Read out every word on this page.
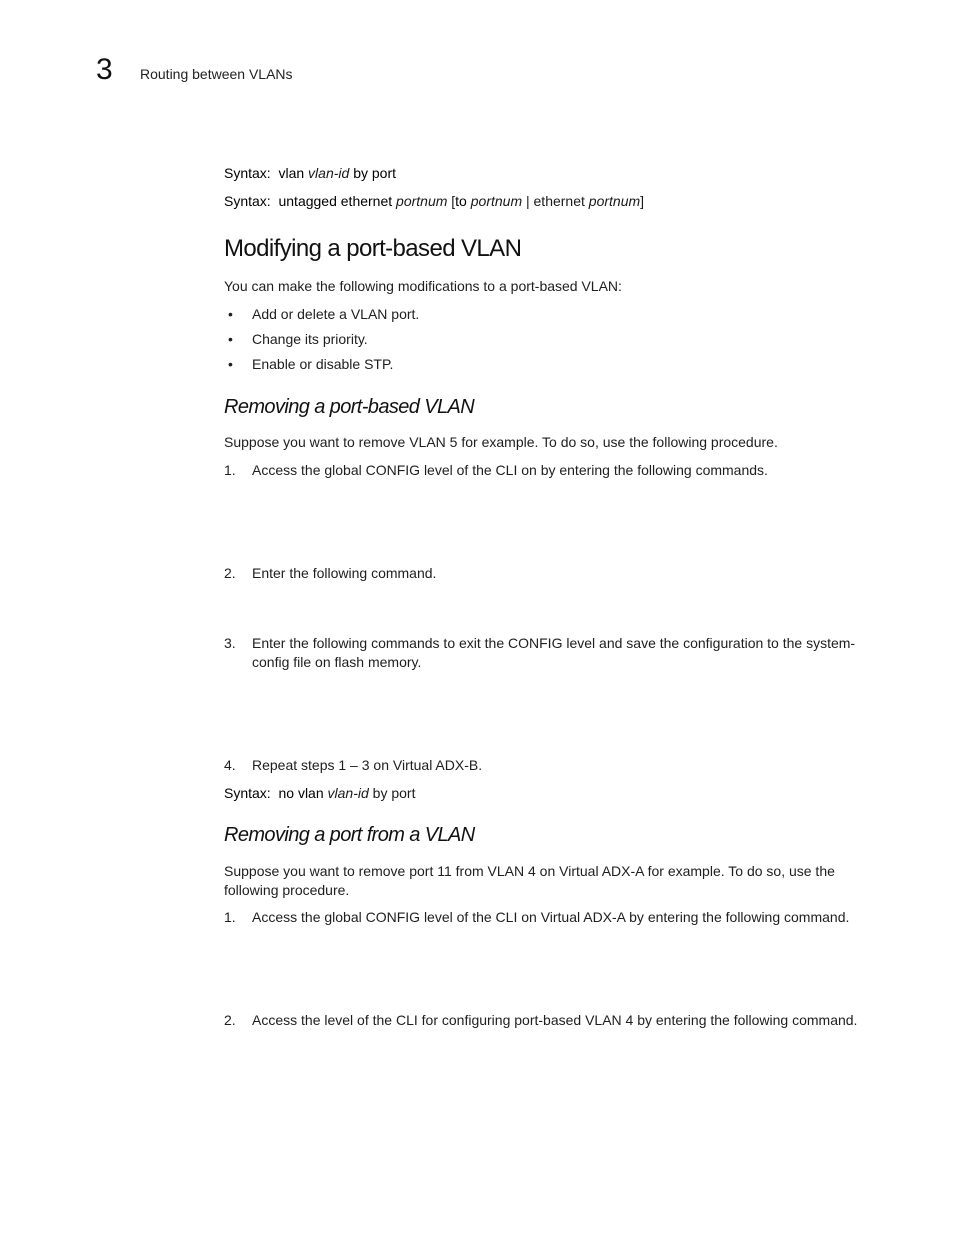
3 Routing between VLANs
Syntax: vlan vlan-id by port
Syntax: untagged ethernet portnum [to portnum | ethernet portnum]
Modifying a port-based VLAN
You can make the following modifications to a port-based VLAN:
• Add or delete a VLAN port.
• Change its priority.
• Enable or disable STP.
Removing a port-based VLAN
Suppose you want to remove VLAN 5 for example. To do so, use the following procedure.
1. Access the global CONFIG level of the CLI on by entering the following commands.
2. Enter the following command.
3. Enter the following commands to exit the CONFIG level and save the configuration to the system-config file on flash memory.
4. Repeat steps 1 – 3 on Virtual ADX-B.
Syntax: no vlan vlan-id by port
Removing a port from a VLAN
Suppose you want to remove port 11 from VLAN 4 on Virtual ADX-A for example. To do so, use the following procedure.
1. Access the global CONFIG level of the CLI on Virtual ADX-A by entering the following command.
2. Access the level of the CLI for configuring port-based VLAN 4 by entering the following command.
